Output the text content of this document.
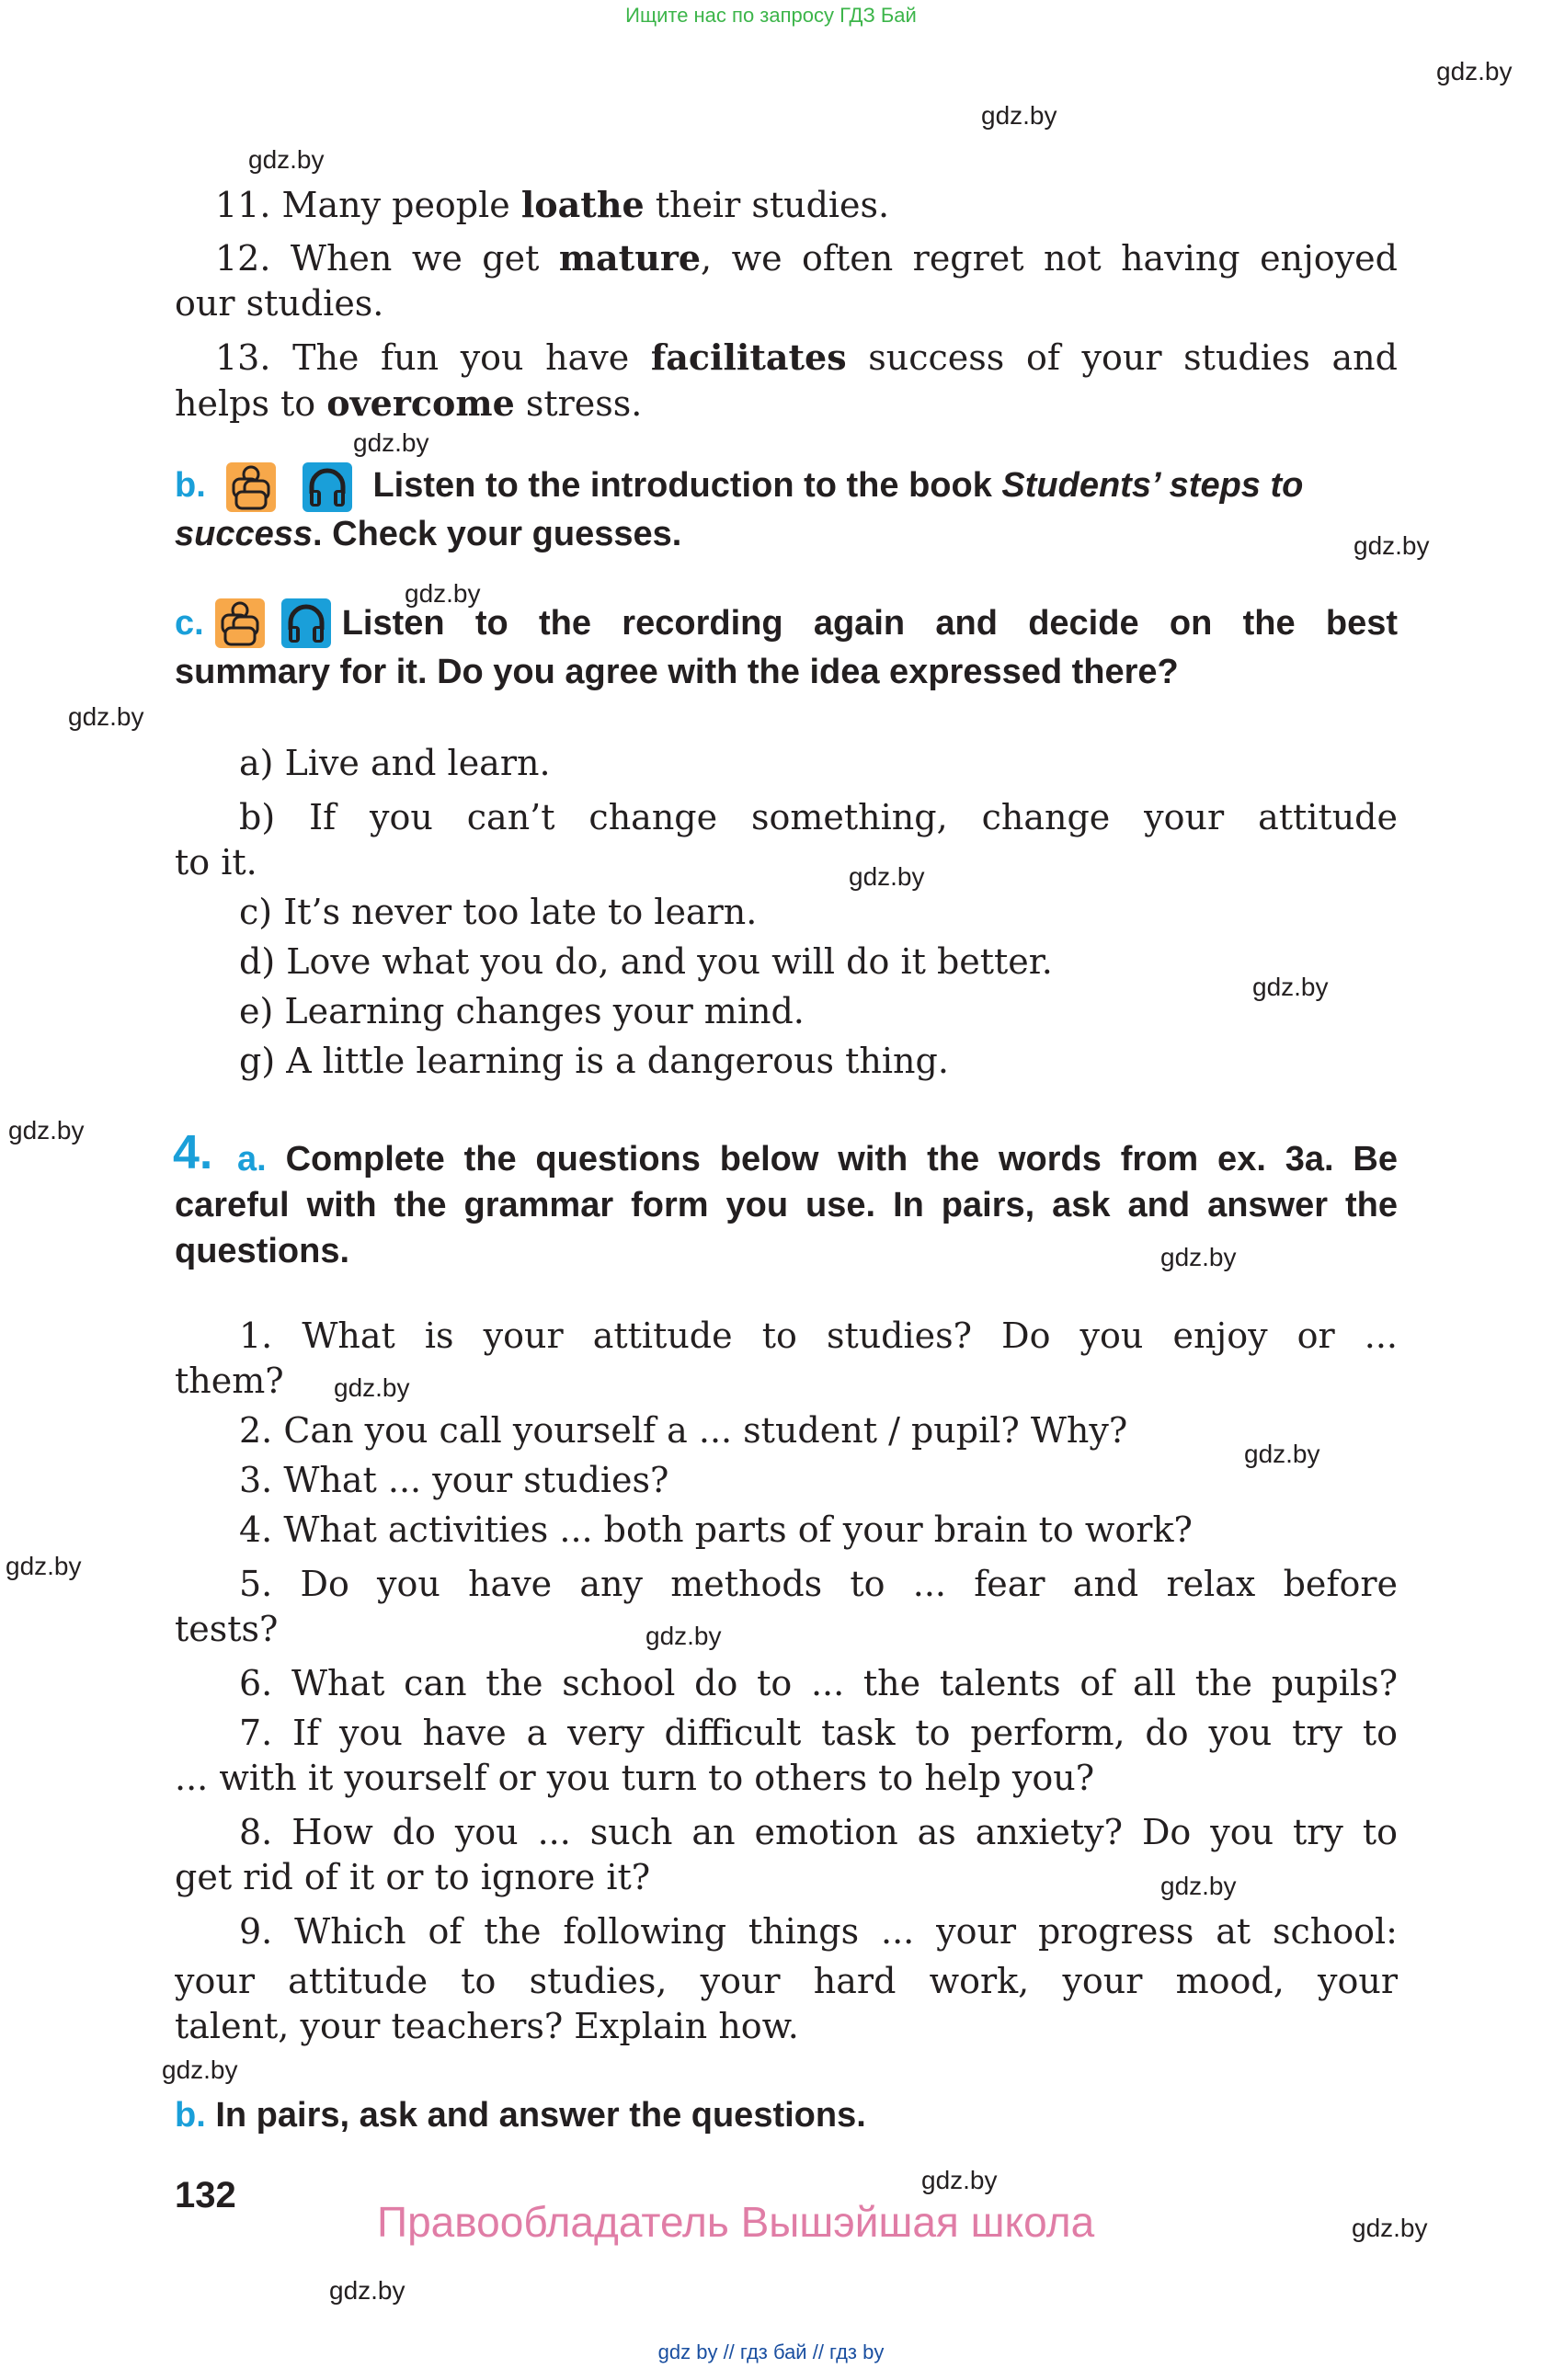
Ищите нас по запросу ГДЗ Бай
gdz.by
gdz.by
gdz.by
gdz.by
gdz.by
gdz.by
gdz.by
gdz.by
gdz.by
gdz.by
gdz.by
gdz.by
gdz.by
gdz.by
gdz.by
gdz.by
gdz.by
gdz.by
gdz.by
gdz.by
11. Many people loathe their studies.
12. When we get mature, we often regret not having enjoyed
our studies.
13. The fun you have facilitates success of your studies and
helps to overcome stress.
b.	Listen to the introduction to the book Students’ steps to
success. Check your guesses.
c.	Listen to the recording again and decide on the best
summary for it. Do you agree with the idea expressed there?
a) Live and learn.
b) If you can’t change something, change your attitude
to it.
c) It’s never too late to learn.
d) Love what you do, and you will do it better.
e) Learning changes your mind.
g) A little learning is a dangerous thing.
4. a. Complete the questions below with the words from ex. 3a. Be
careful with the grammar form you use. In pairs, ask and answer the
questions.
1. What is your attitude to studies? Do you enjoy or ...
them?
2. Can you call yourself a ... student / pupil? Why?
3. What ... your studies?
4. What activities ... both parts of your brain to work?
5. Do you have any methods to ... fear and relax before
tests?
6. What can the school do to ... the talents of all the pupils?
7. If you have a very difficult task to perform, do you try to
... with it yourself or you turn to others to help you?
8. How do you ... such an emotion as anxiety? Do you try to
get rid of it or to ignore it?
9. Which of the following things ... your progress at school:
your attitude to studies, your hard work, your mood, your
talent, your teachers? Explain how.
b. In pairs, ask and answer the questions.
132
Правообладатель Вышэйшая школа
gdz by // гдз бай // гдз by
